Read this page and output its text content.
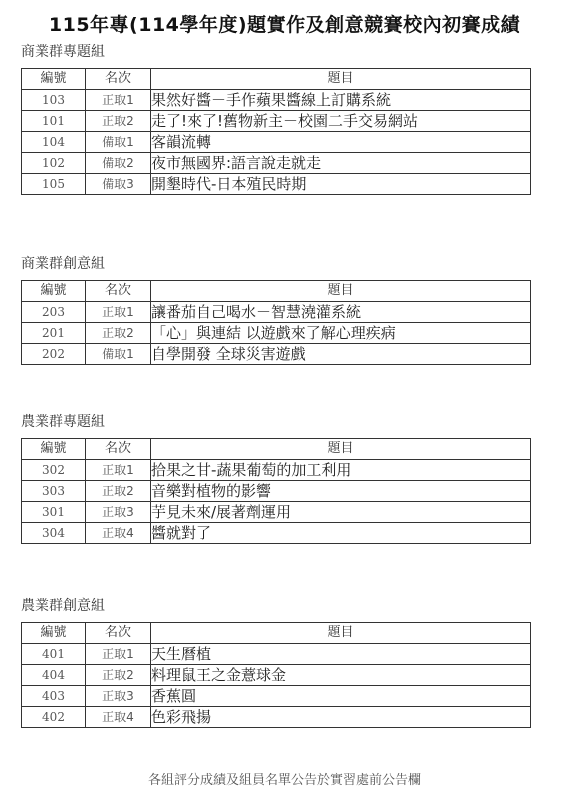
115年專(114學年度)題實作及創意競賽校內初賽成績
商業群專題組
編號	名次	題目
103	正取1	果然好醬－手作蘋果醬線上訂購系統
101	正取2	走了!來了!舊物新主－校園二手交易網站
104	備取1	客韻流轉
102	備取2	夜市無國界:語言說走就走
105	備取3	開墾時代-日本殖民時期
商業群創意組
編號	名次	題目
203	正取1	讓番茄自己喝水－智慧澆灌系統
201	正取2	「心」與連結 以遊戲來了解心理疾病
202	備取1	自學開發 全球災害遊戲
農業群專題組
編號	名次	題目
302	正取1	拾果之甘-蔬果葡萄的加工利用
303	正取2	音樂對植物的影響
301	正取3	芋見未來/展著劑運用
304	正取4	醬就對了
農業群創意組
編號	名次	題目
401	正取1	天生曆植
404	正取2	料理鼠王之金薏球金
403	正取3	香蕉圓
402	正取4	色彩飛揚
各組評分成績及組員名單公告於實習處前公告欄
